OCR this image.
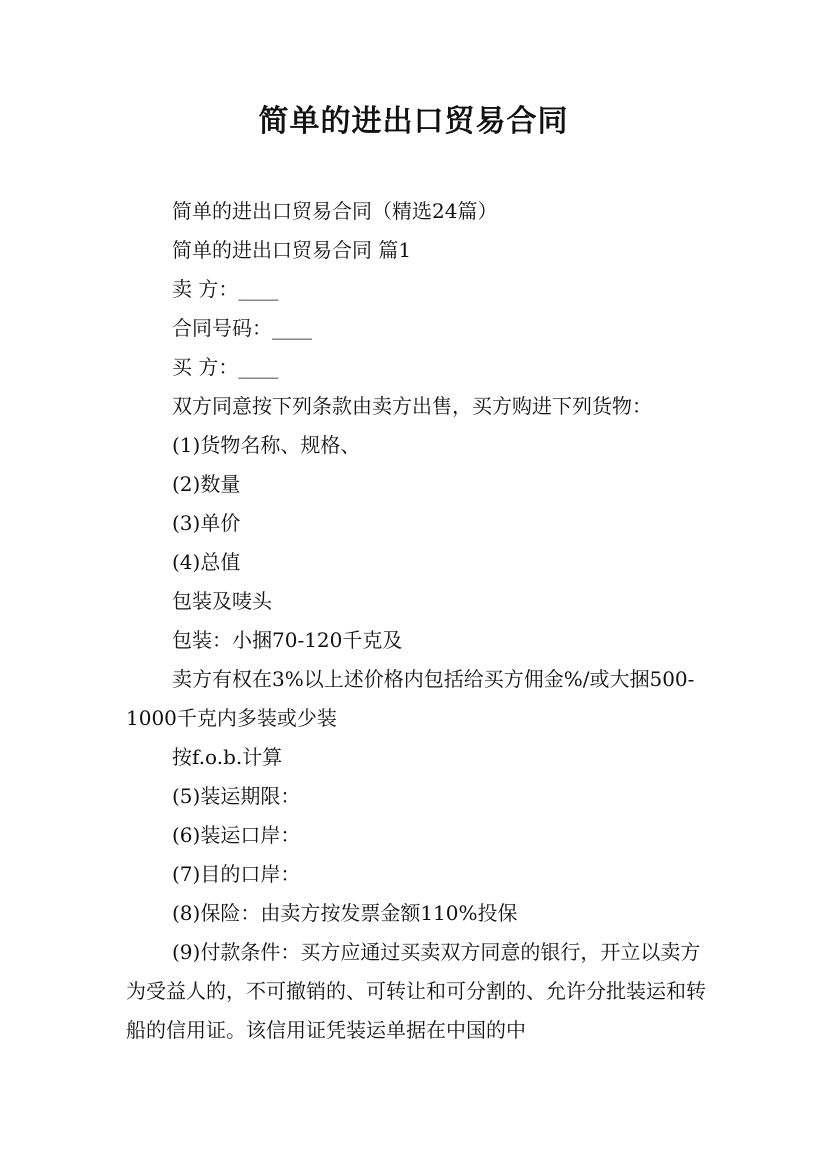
简单的进出口贸易合同

简单的进出口贸易合同（精选24篇）

简单的进出口贸易合同 篇1

卖 方：____

合同号码：____

买 方：____

双方同意按下列条款由卖方出售，买方购进下列货物：

(1)货物名称、规格、

(2)数量

(3)单价

(4)总值

包装及唛头

包装：小捆70-120千克及

卖方有权在3%以上述价格内包括给买方佣金%/或大捆500-1000千克内多装或少装

按f.o.b.计算

(5)装运期限：

(6)装运口岸：

(7)目的口岸：

(8)保险：由卖方按发票金额110%投保

(9)付款条件：买方应通过买卖双方同意的银行，开立以卖方为受益人的，不可撤销的、可转让和可分割的、允许分批装运和转船的信用证。该信用证凭装运单据在中国的中
